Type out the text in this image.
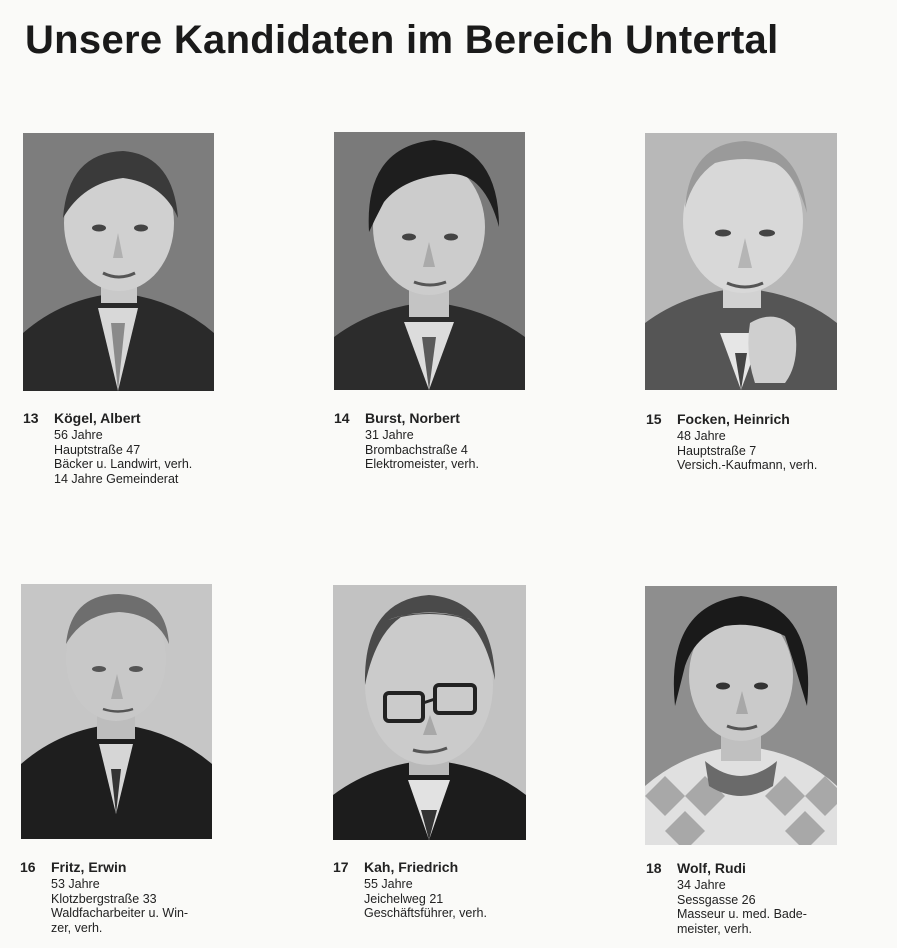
Unsere Kandidaten im Bereich Untertal
13 Kögel, Albert
56 Jahre
Hauptstraße 47
Bäcker u. Landwirt, verh.
14 Jahre Gemeinderat
14 Burst, Norbert
31 Jahre
Brombachstraße 4
Elektromeister, verh.
15 Focken, Heinrich
48 Jahre
Hauptstraße 7
Versich.-Kaufmann, verh.
16 Fritz, Erwin
53 Jahre
Klotzbergstraße 33
Waldfacharbeiter u. Win-
zer, verh.
17 Kah, Friedrich
55 Jahre
Jeichelweg 21
Geschäftsführer, verh.
18 Wolf, Rudi
34 Jahre
Sessgasse 26
Masseur u. med. Bade-
meister, verh.
